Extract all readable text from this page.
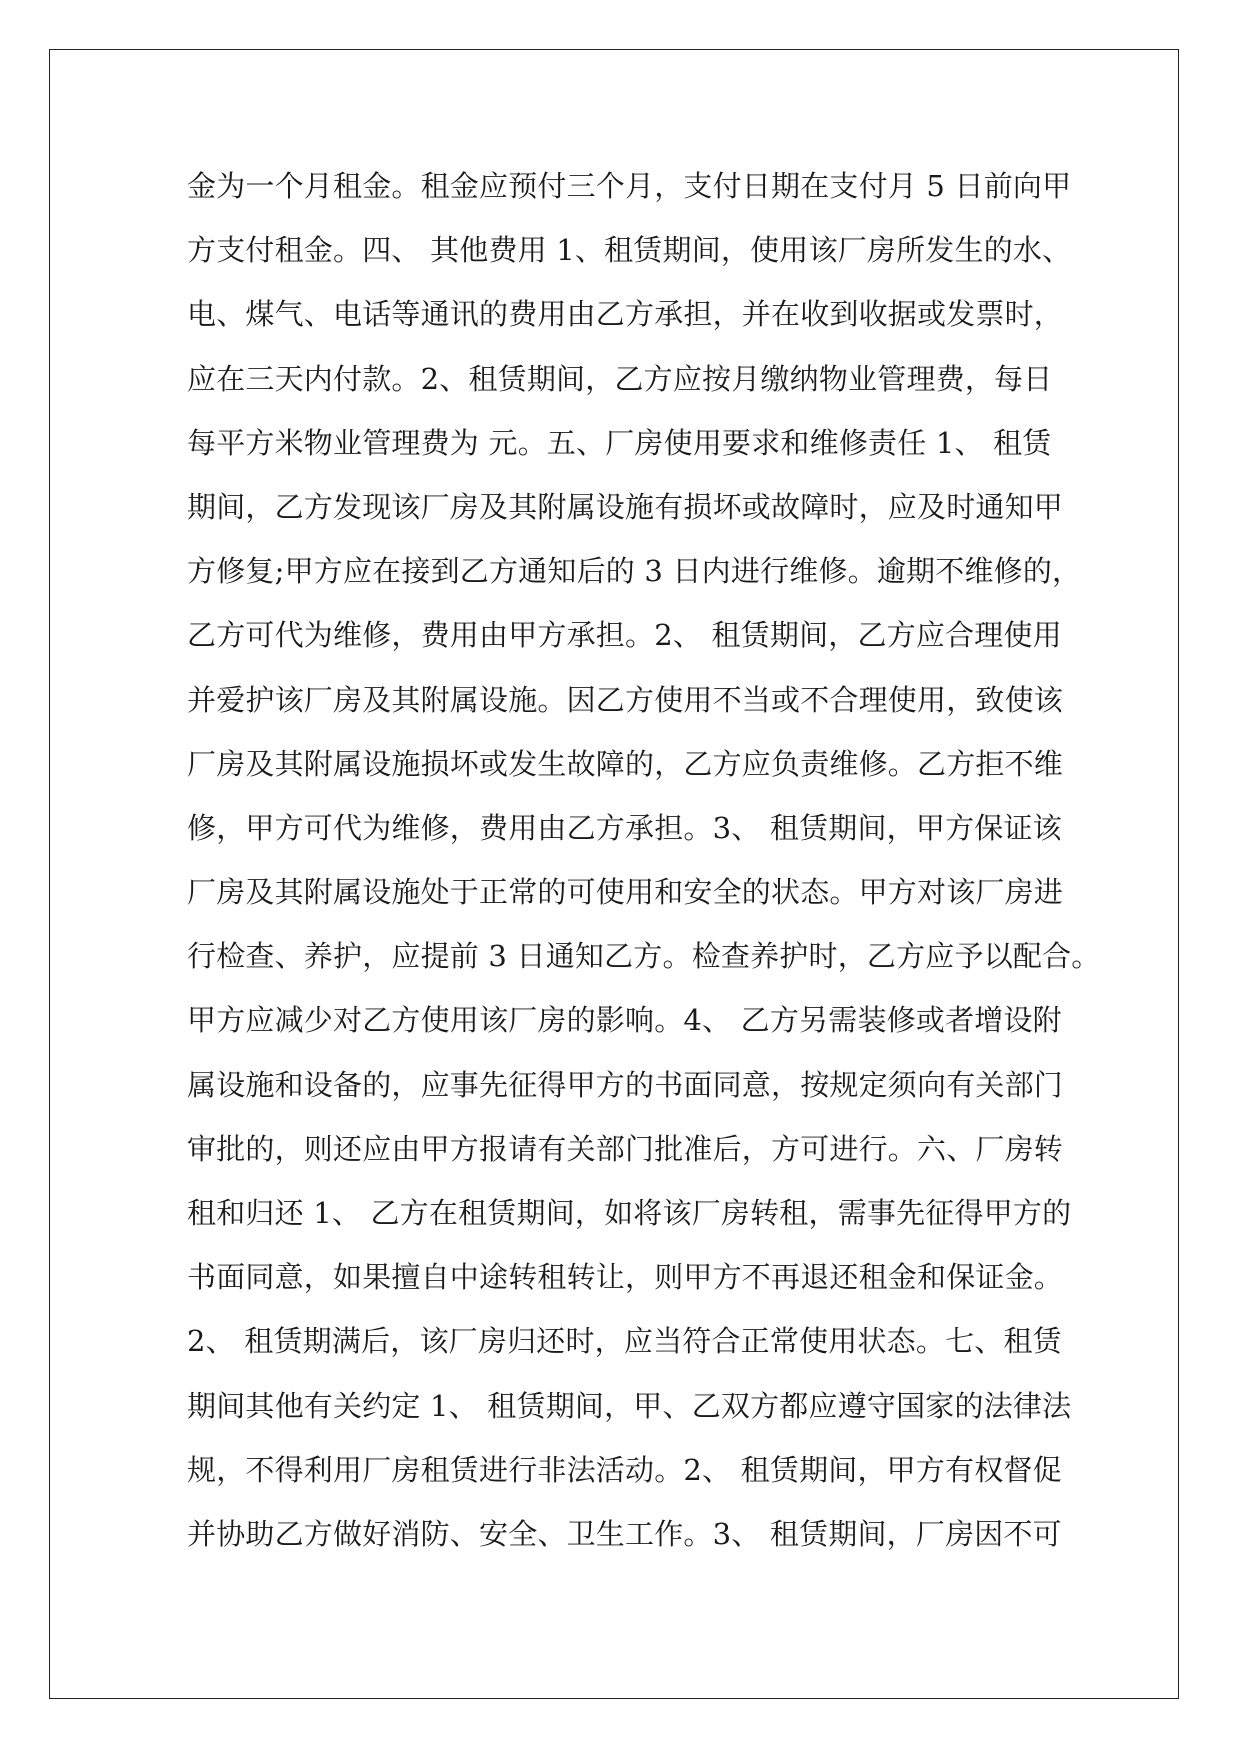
金为一个月租金。租金应预付三个月，支付日期在支付月 5 日前向甲
方支付租金。四、 其他费用 1、租赁期间，使用该厂房所发生的水、
电、煤气、电话等通讯的费用由乙方承担，并在收到收据或发票时，
应在三天内付款。2、租赁期间，乙方应按月缴纳物业管理费，每日
每平方米物业管理费为 元。五、厂房使用要求和维修责任 1、 租赁
期间，乙方发现该厂房及其附属设施有损坏或故障时，应及时通知甲
方修复;甲方应在接到乙方通知后的 3 日内进行维修。逾期不维修的，
乙方可代为维修，费用由甲方承担。2、 租赁期间，乙方应合理使用
并爱护该厂房及其附属设施。因乙方使用不当或不合理使用，致使该
厂房及其附属设施损坏或发生故障的，乙方应负责维修。乙方拒不维
修，甲方可代为维修，费用由乙方承担。3、 租赁期间，甲方保证该
厂房及其附属设施处于正常的可使用和安全的状态。甲方对该厂房进
行检查、养护，应提前 3 日通知乙方。检查养护时，乙方应予以配合。
甲方应减少对乙方使用该厂房的影响。4、 乙方另需装修或者增设附
属设施和设备的，应事先征得甲方的书面同意，按规定须向有关部门
审批的，则还应由甲方报请有关部门批准后，方可进行。六、厂房转
租和归还 1、 乙方在租赁期间，如将该厂房转租，需事先征得甲方的
书面同意，如果擅自中途转租转让，则甲方不再退还租金和保证金。
2、 租赁期满后，该厂房归还时，应当符合正常使用状态。七、租赁
期间其他有关约定 1、 租赁期间，甲、乙双方都应遵守国家的法律法
规，不得利用厂房租赁进行非法活动。2、 租赁期间，甲方有权督促
并协助乙方做好消防、安全、卫生工作。3、 租赁期间，厂房因不可
